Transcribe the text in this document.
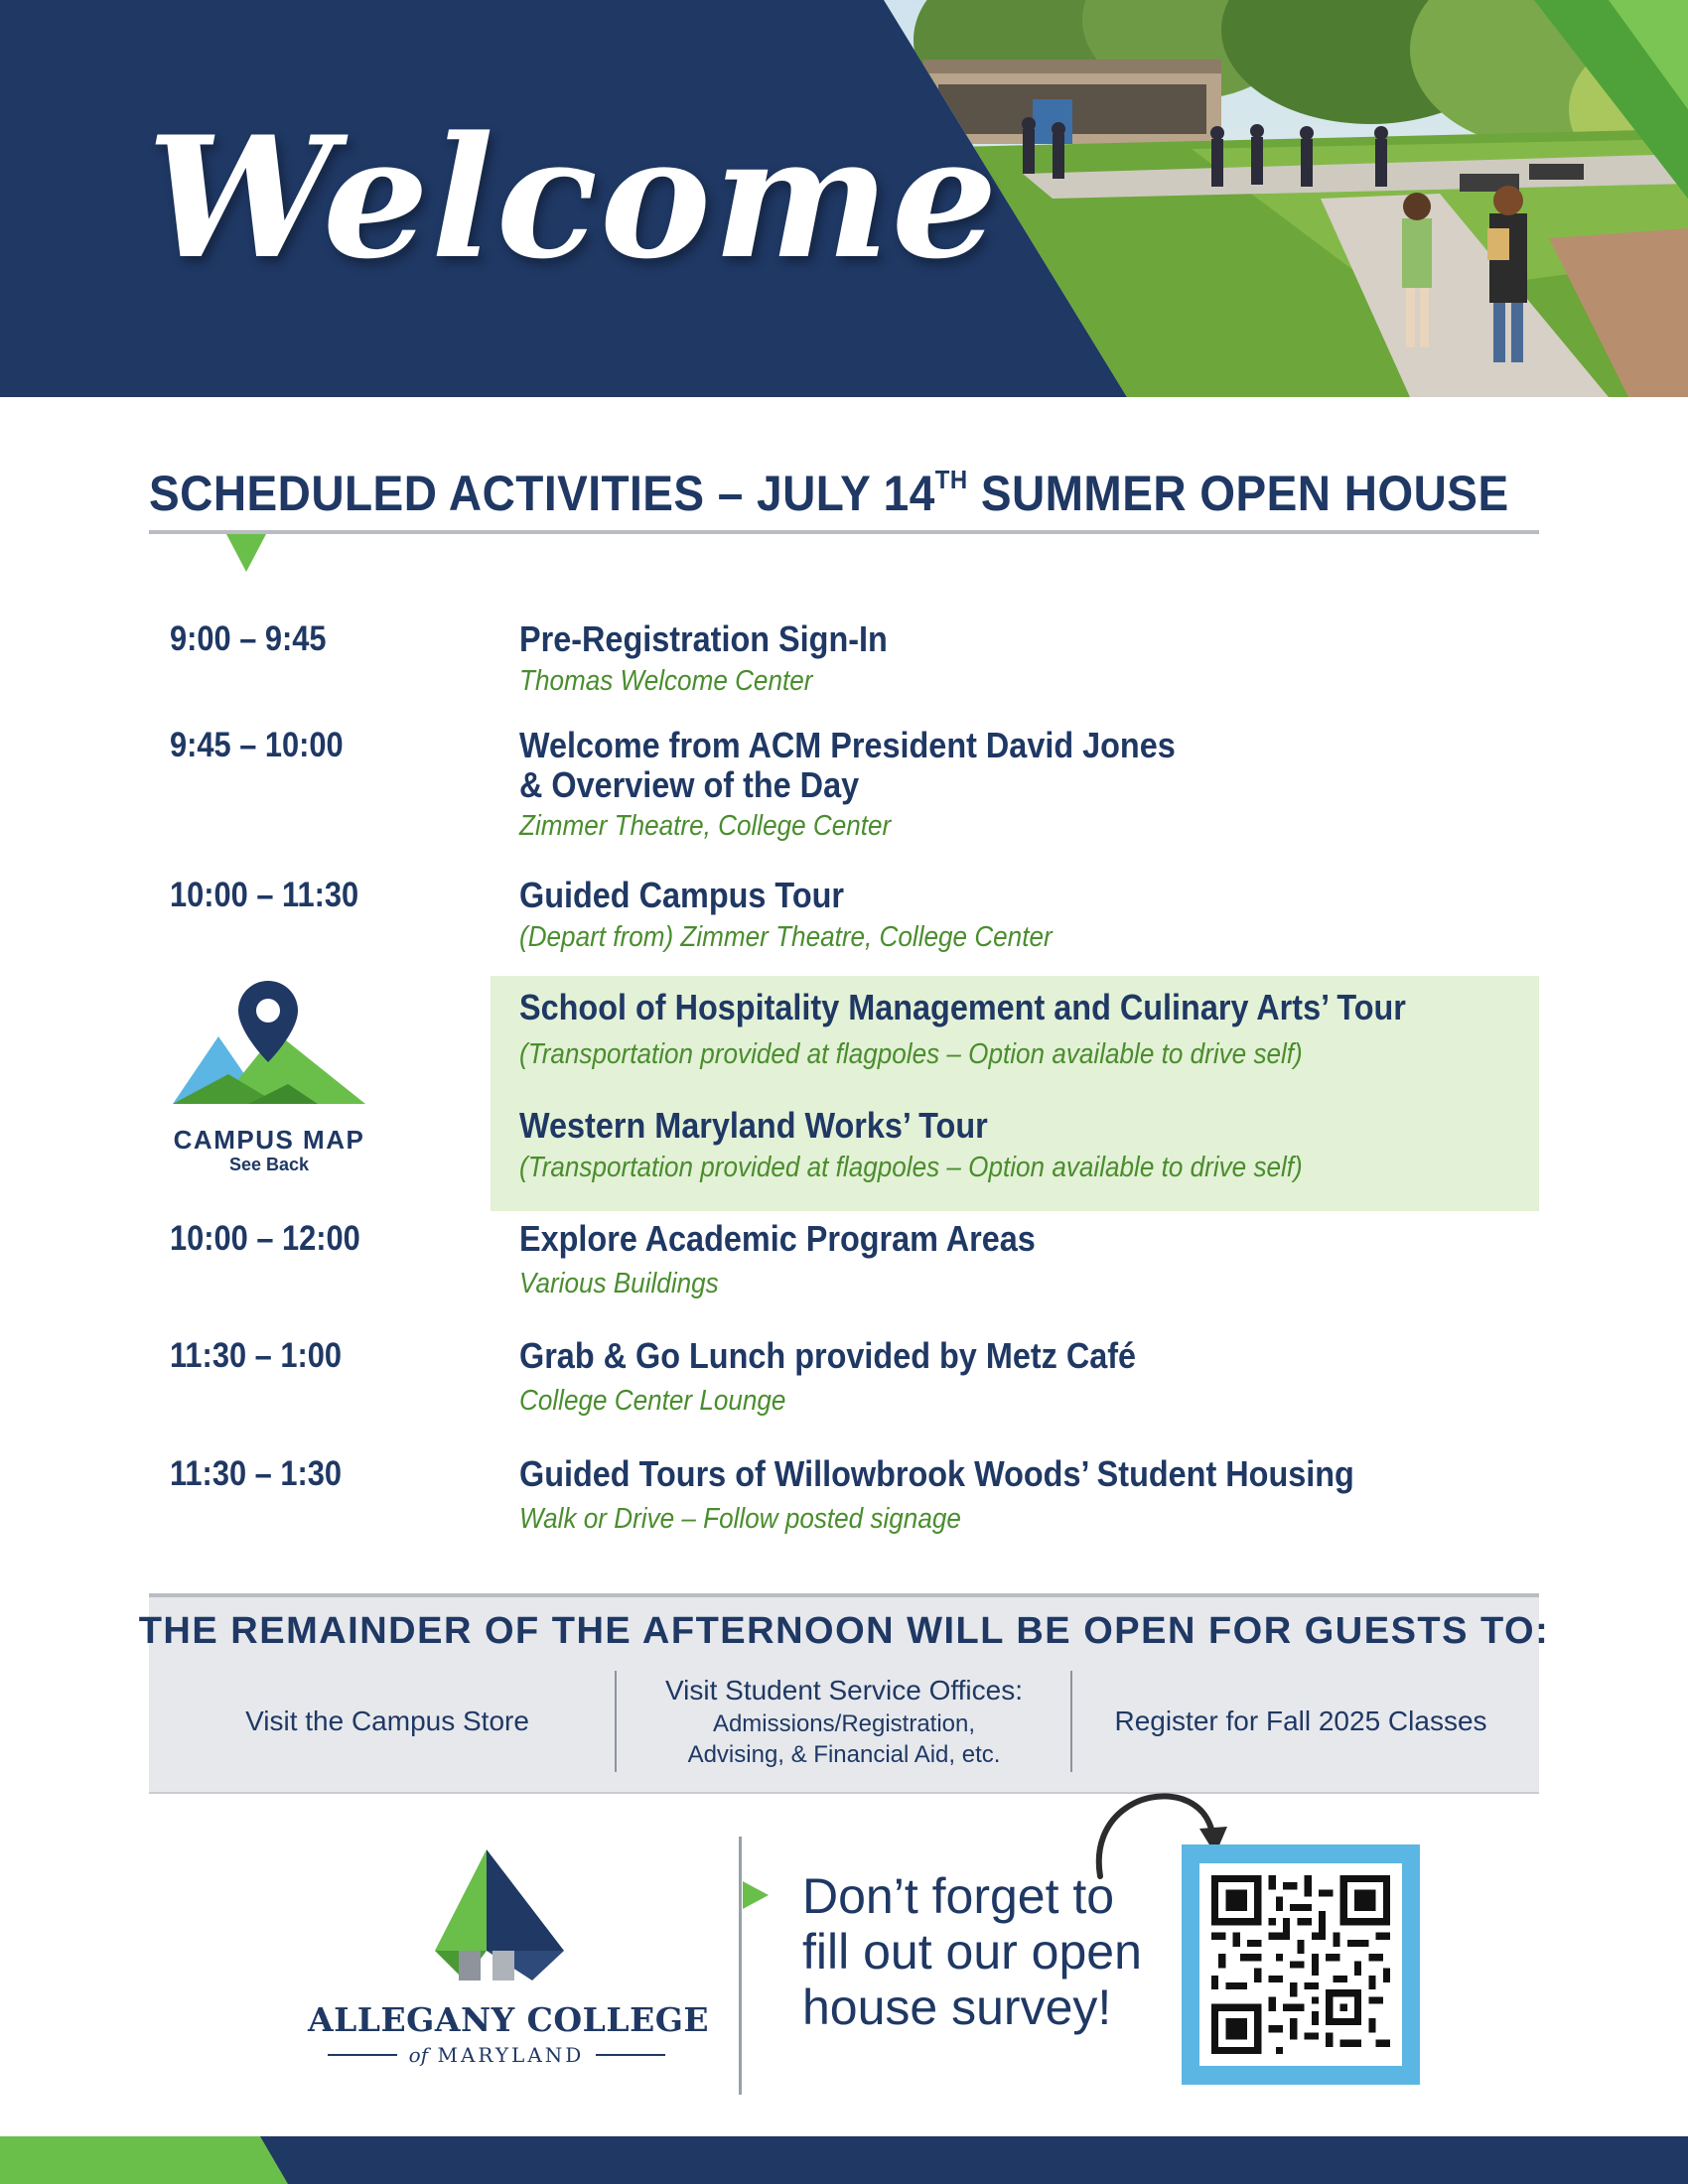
Welcome
SCHEDULED ACTIVITIES – JULY 14TH SUMMER OPEN HOUSE
9:00 – 9:45	Pre-Registration Sign-In
Thomas Welcome Center
9:45 – 10:00	Welcome from ACM President David Jones
& Overview of the Day
Zimmer Theatre, College Center
10:00 – 11:30	Guided Campus Tour
(Depart from) Zimmer Theatre, College Center
School of Hospitality Management and Culinary Arts’ Tour
(Transportation provided at flagpoles – Option available to drive self)
Western Maryland Works’ Tour
(Transportation provided at flagpoles – Option available to drive self)
10:00 – 12:00	Explore Academic Program Areas
Various Buildings
11:30 – 1:00	Grab & Go Lunch provided by Metz Café
College Center Lounge
11:30 – 1:30	Guided Tours of Willowbrook Woods’ Student Housing
Walk or Drive – Follow posted signage
CAMPUS MAP
See Back
THE REMAINDER OF THE AFTERNOON WILL BE OPEN FOR GUESTS TO:
Visit the Campus Store
Visit Student Service Offices:
Admissions/Registration,
Advising, & Financial Aid, etc.
Register for Fall 2025 Classes
ALLEGANY COLLEGE
of MARYLAND
Don’t forget to
fill out our open
house survey!
